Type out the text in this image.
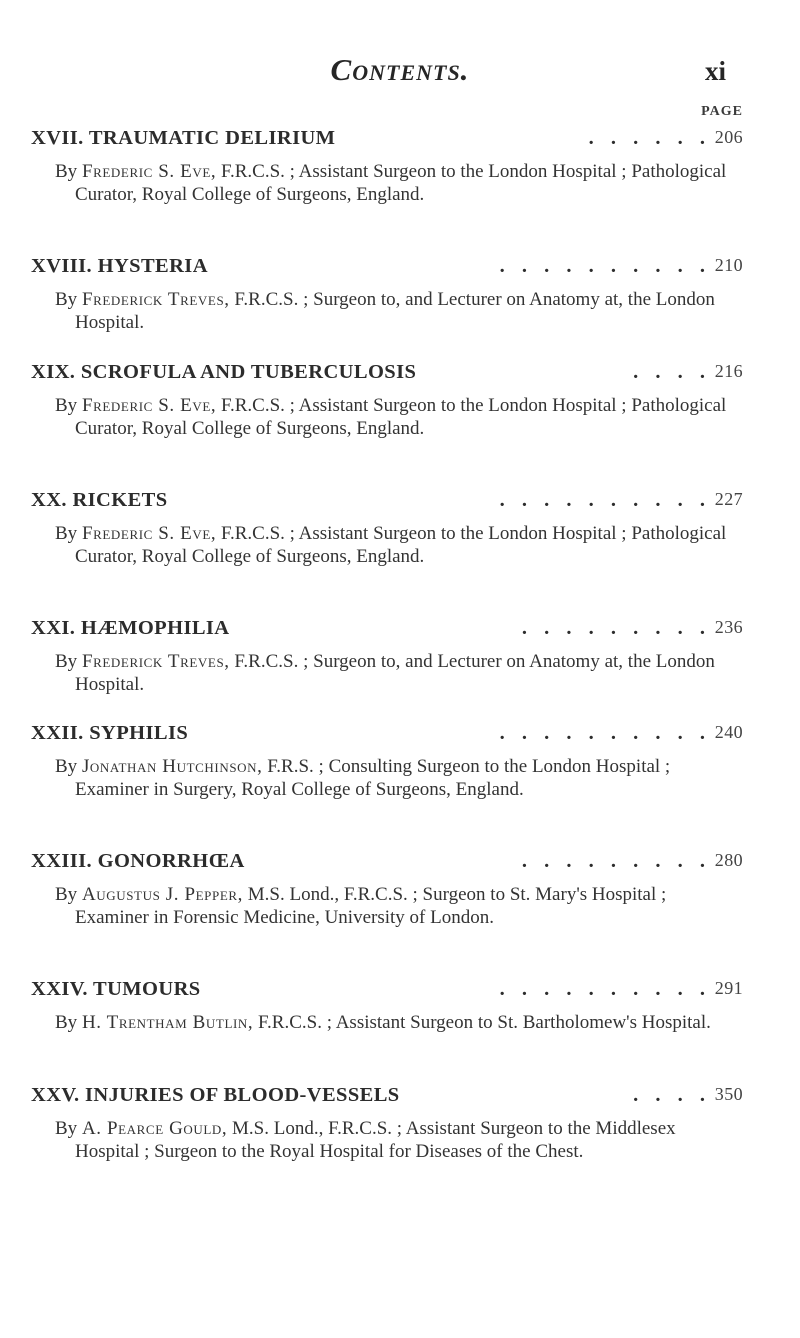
Contents.	xi
PAGE
XVII. TRAUMATIC DELIRIUM	. . . . . . 206
By Frederic S. Eve, F.R.C.S. ; Assistant Surgeon to the London Hospital ; Pathological Curator, Royal College of Surgeons, England.
XVIII. HYSTERIA	. . . . . . . . . . 210
By Frederick Treves, F.R.C.S. ; Surgeon to, and Lecturer on Anatomy at, the London Hospital.
XIX. SCROFULA AND TUBERCULOSIS	. . . . 216
By Frederic S. Eve, F.R.C.S. ; Assistant Surgeon to the London Hospital ; Pathological Curator, Royal College of Surgeons, England.
XX. RICKETS	. . . . . . . . . . 227
By Frederic S. Eve, F.R.C.S. ; Assistant Surgeon to the London Hospital ; Pathological Curator, Royal College of Surgeons, England.
XXI. HÆMOPHILIA	. . . . . . . . . 236
By Frederick Treves, F.R.C.S. ; Surgeon to, and Lecturer on Anatomy at, the London Hospital.
XXII. SYPHILIS	. . . . . . . . . . 240
By Jonathan Hutchinson, F.R.S. ; Consulting Surgeon to the London Hospital ; Examiner in Surgery, Royal College of Surgeons, England.
XXIII. GONORRHŒA	. . . . . . . . . 280
By Augustus J. Pepper, M.S. Lond., F.R.C.S. ; Surgeon to St. Mary's Hospital ; Examiner in Forensic Medicine, University of London.
XXIV. TUMOURS	. . . . . . . . . . 291
By H. Trentham Butlin, F.R.C.S. ; Assistant Surgeon to St. Bartholomew's Hospital.
XXV. INJURIES OF BLOOD-VESSELS	. . . . 350
By A. Pearce Gould, M.S. Lond., F.R.C.S. ; Assistant Surgeon to the Middlesex Hospital ; Surgeon to the Royal Hospital for Diseases of the Chest.
